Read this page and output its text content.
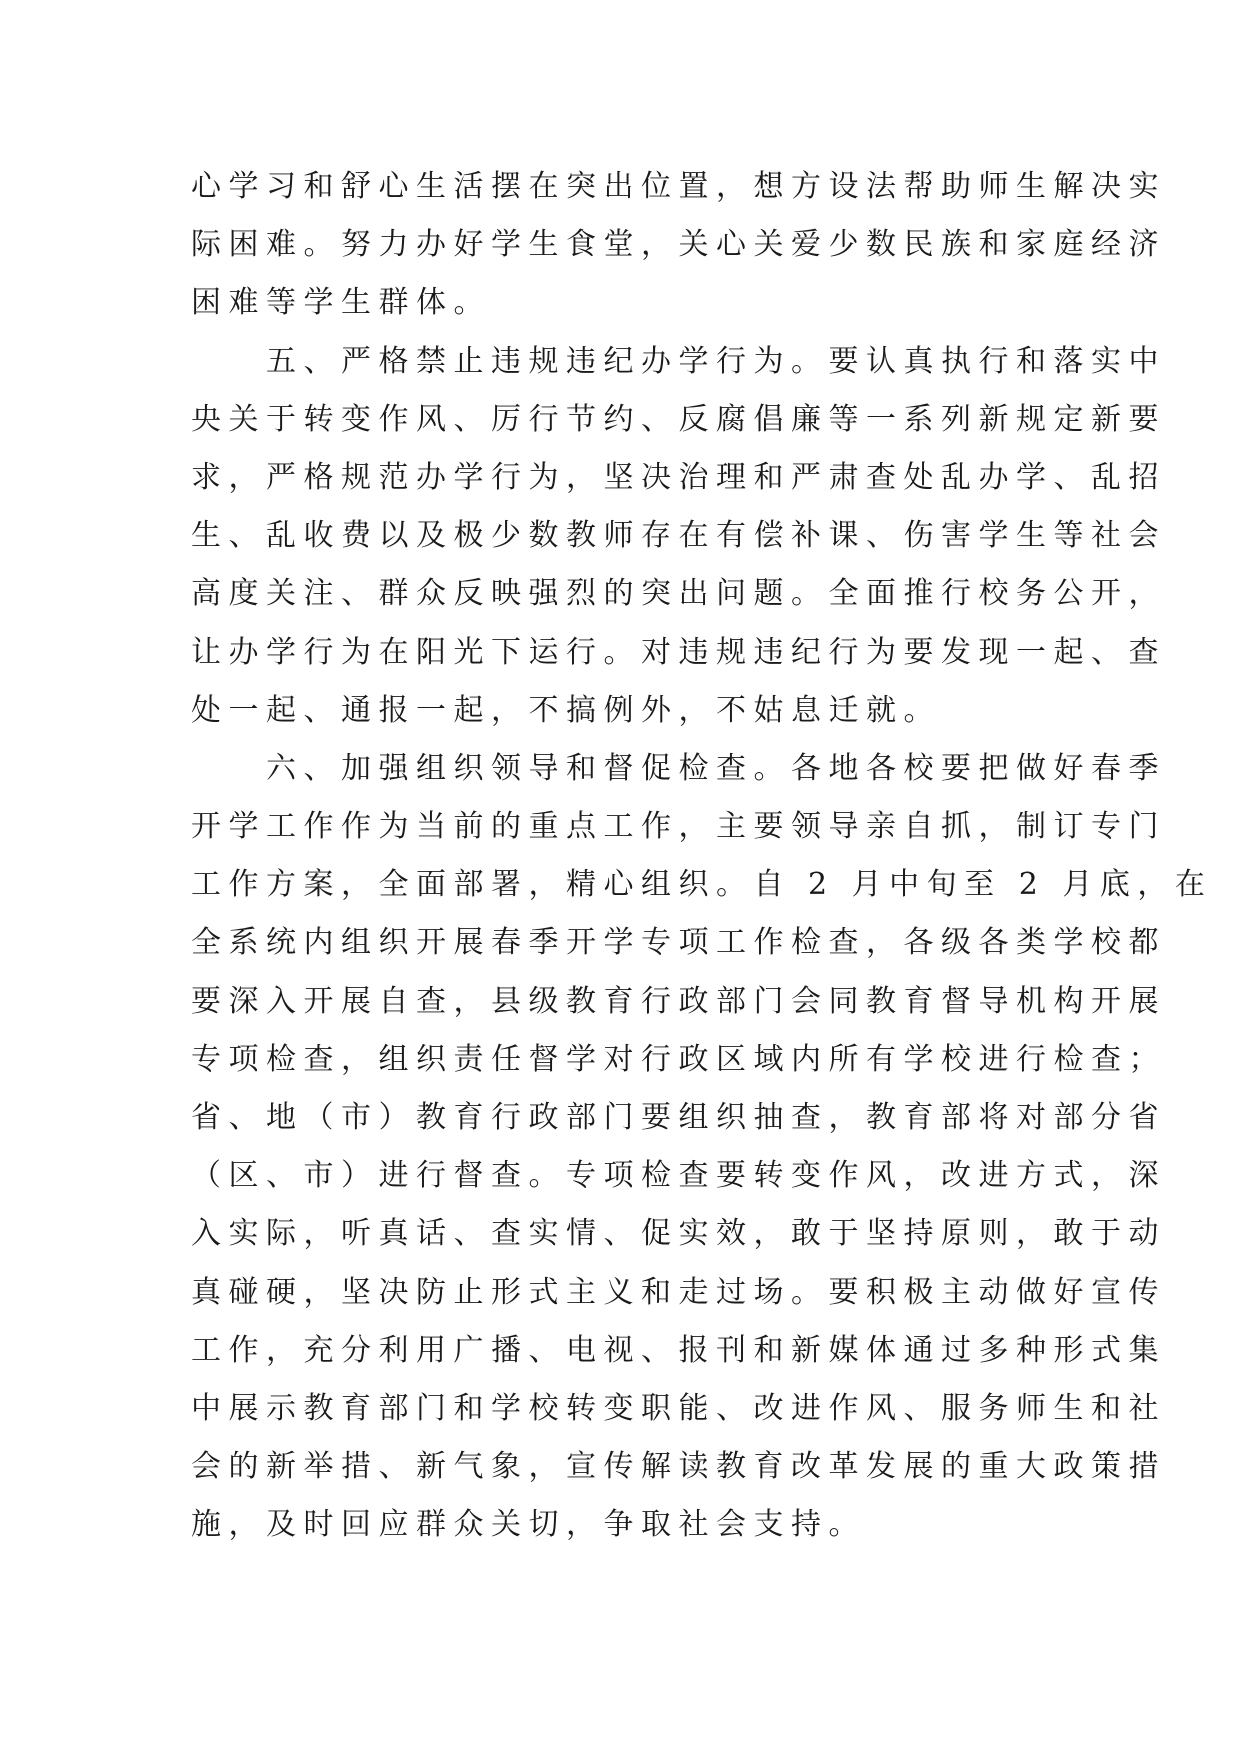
心学习和舒心生活摆在突出位置，想方设法帮助师生解决实
际困难。努力办好学生食堂，关心关爱少数民族和家庭经济
困难等学生群体。
　　五、严格禁止违规违纪办学行为。要认真执行和落实中
央关于转变作风、厉行节约、反腐倡廉等一系列新规定新要
求，严格规范办学行为，坚决治理和严肃查处乱办学、乱招
生、乱收费以及极少数教师存在有偿补课、伤害学生等社会
高度关注、群众反映强烈的突出问题。全面推行校务公开，
让办学行为在阳光下运行。对违规违纪行为要发现一起、查
处一起、通报一起，不搞例外，不姑息迁就。
　　六、加强组织领导和督促检查。各地各校要把做好春季
开学工作作为当前的重点工作，主要领导亲自抓，制订专门
工作方案，全面部署，精心组织。自 2 月中旬至 2 月底，在
全系统内组织开展春季开学专项工作检查，各级各类学校都
要深入开展自查，县级教育行政部门会同教育督导机构开展
专项检查，组织责任督学对行政区域内所有学校进行检查；
省、地（市）教育行政部门要组织抽查，教育部将对部分省
（区、市）进行督查。专项检查要转变作风，改进方式，深
入实际，听真话、查实情、促实效，敢于坚持原则，敢于动
真碰硬，坚决防止形式主义和走过场。要积极主动做好宣传
工作，充分利用广播、电视、报刊和新媒体通过多种形式集
中展示教育部门和学校转变职能、改进作风、服务师生和社
会的新举措、新气象，宣传解读教育改革发展的重大政策措
施，及时回应群众关切，争取社会支持。
